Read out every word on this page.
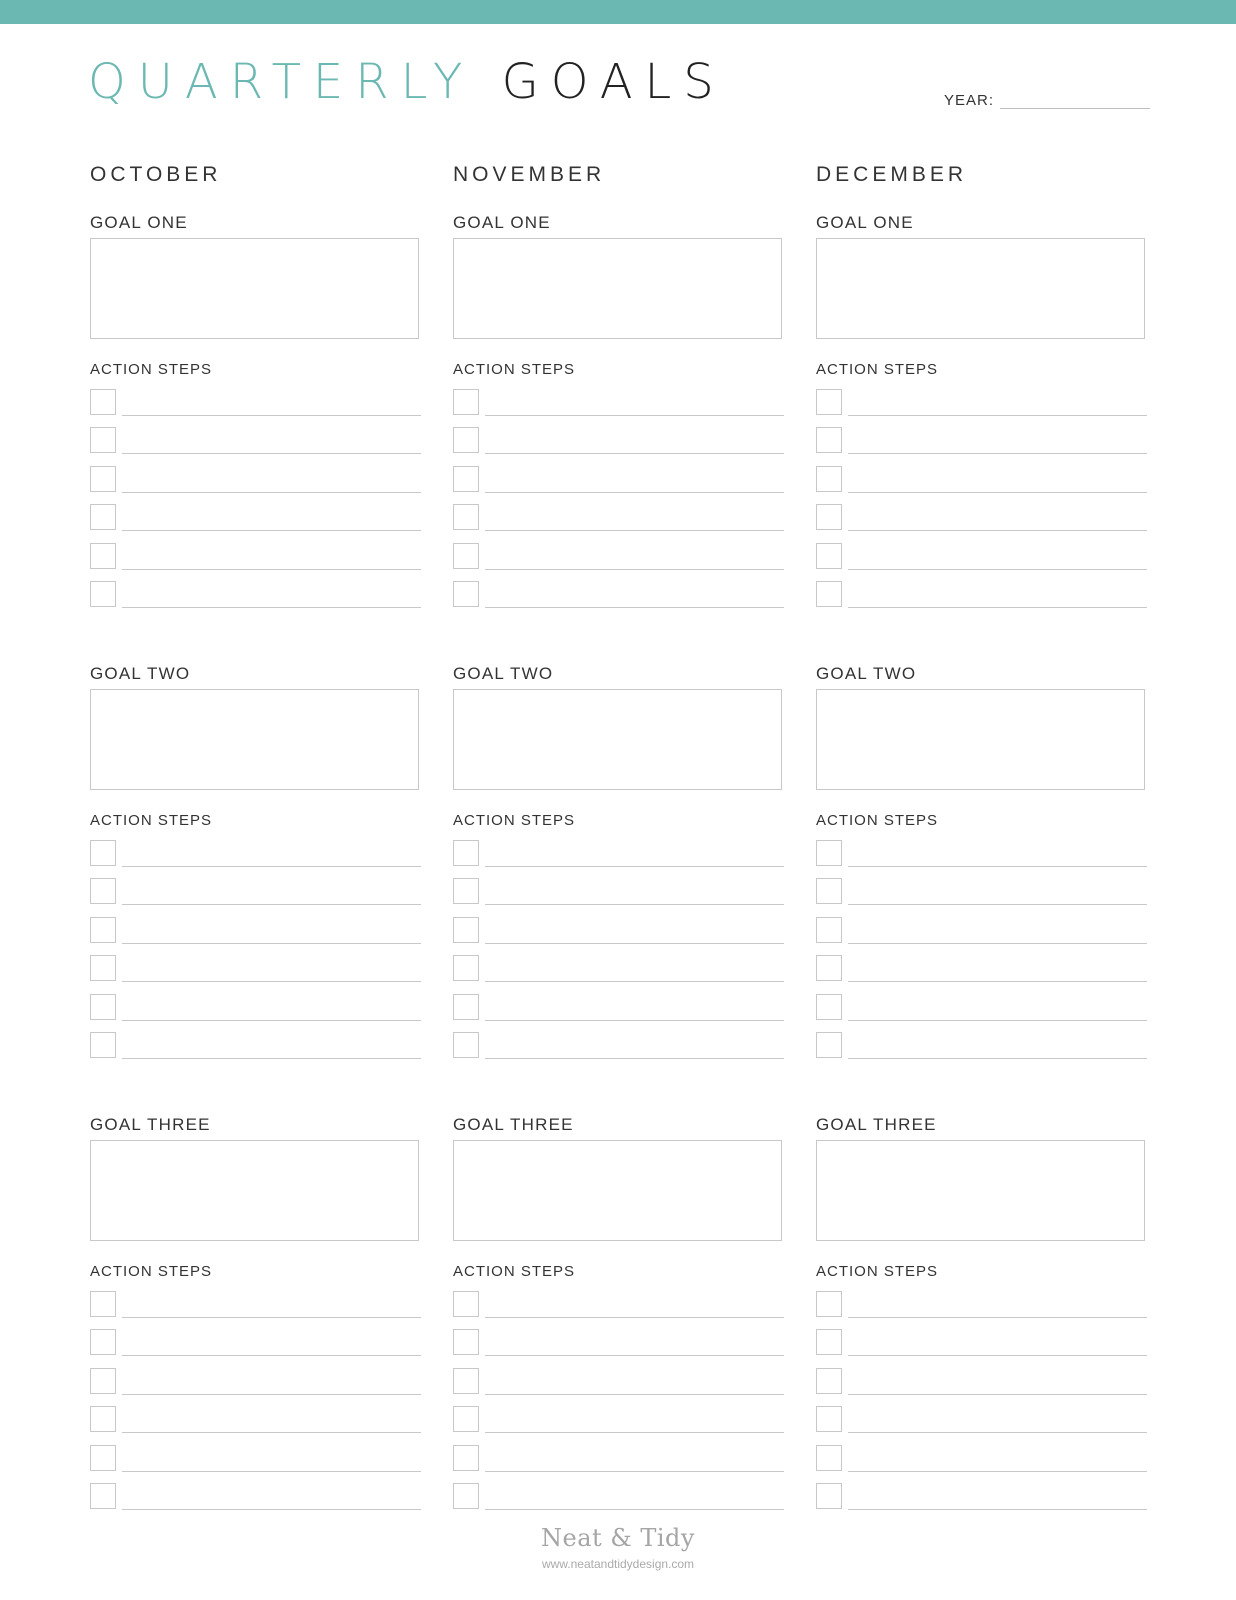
QUARTERLY GOALS	YEAR:
OCTOBER
GOAL ONE
ACTION STEPS
GOAL TWO
ACTION STEPS
GOAL THREE
ACTION STEPS
NOVEMBER
GOAL ONE
ACTION STEPS
GOAL TWO
ACTION STEPS
GOAL THREE
ACTION STEPS
DECEMBER
GOAL ONE
ACTION STEPS
GOAL TWO
ACTION STEPS
GOAL THREE
ACTION STEPS
Neat & Tidy
www.neatandtidydesign.com
